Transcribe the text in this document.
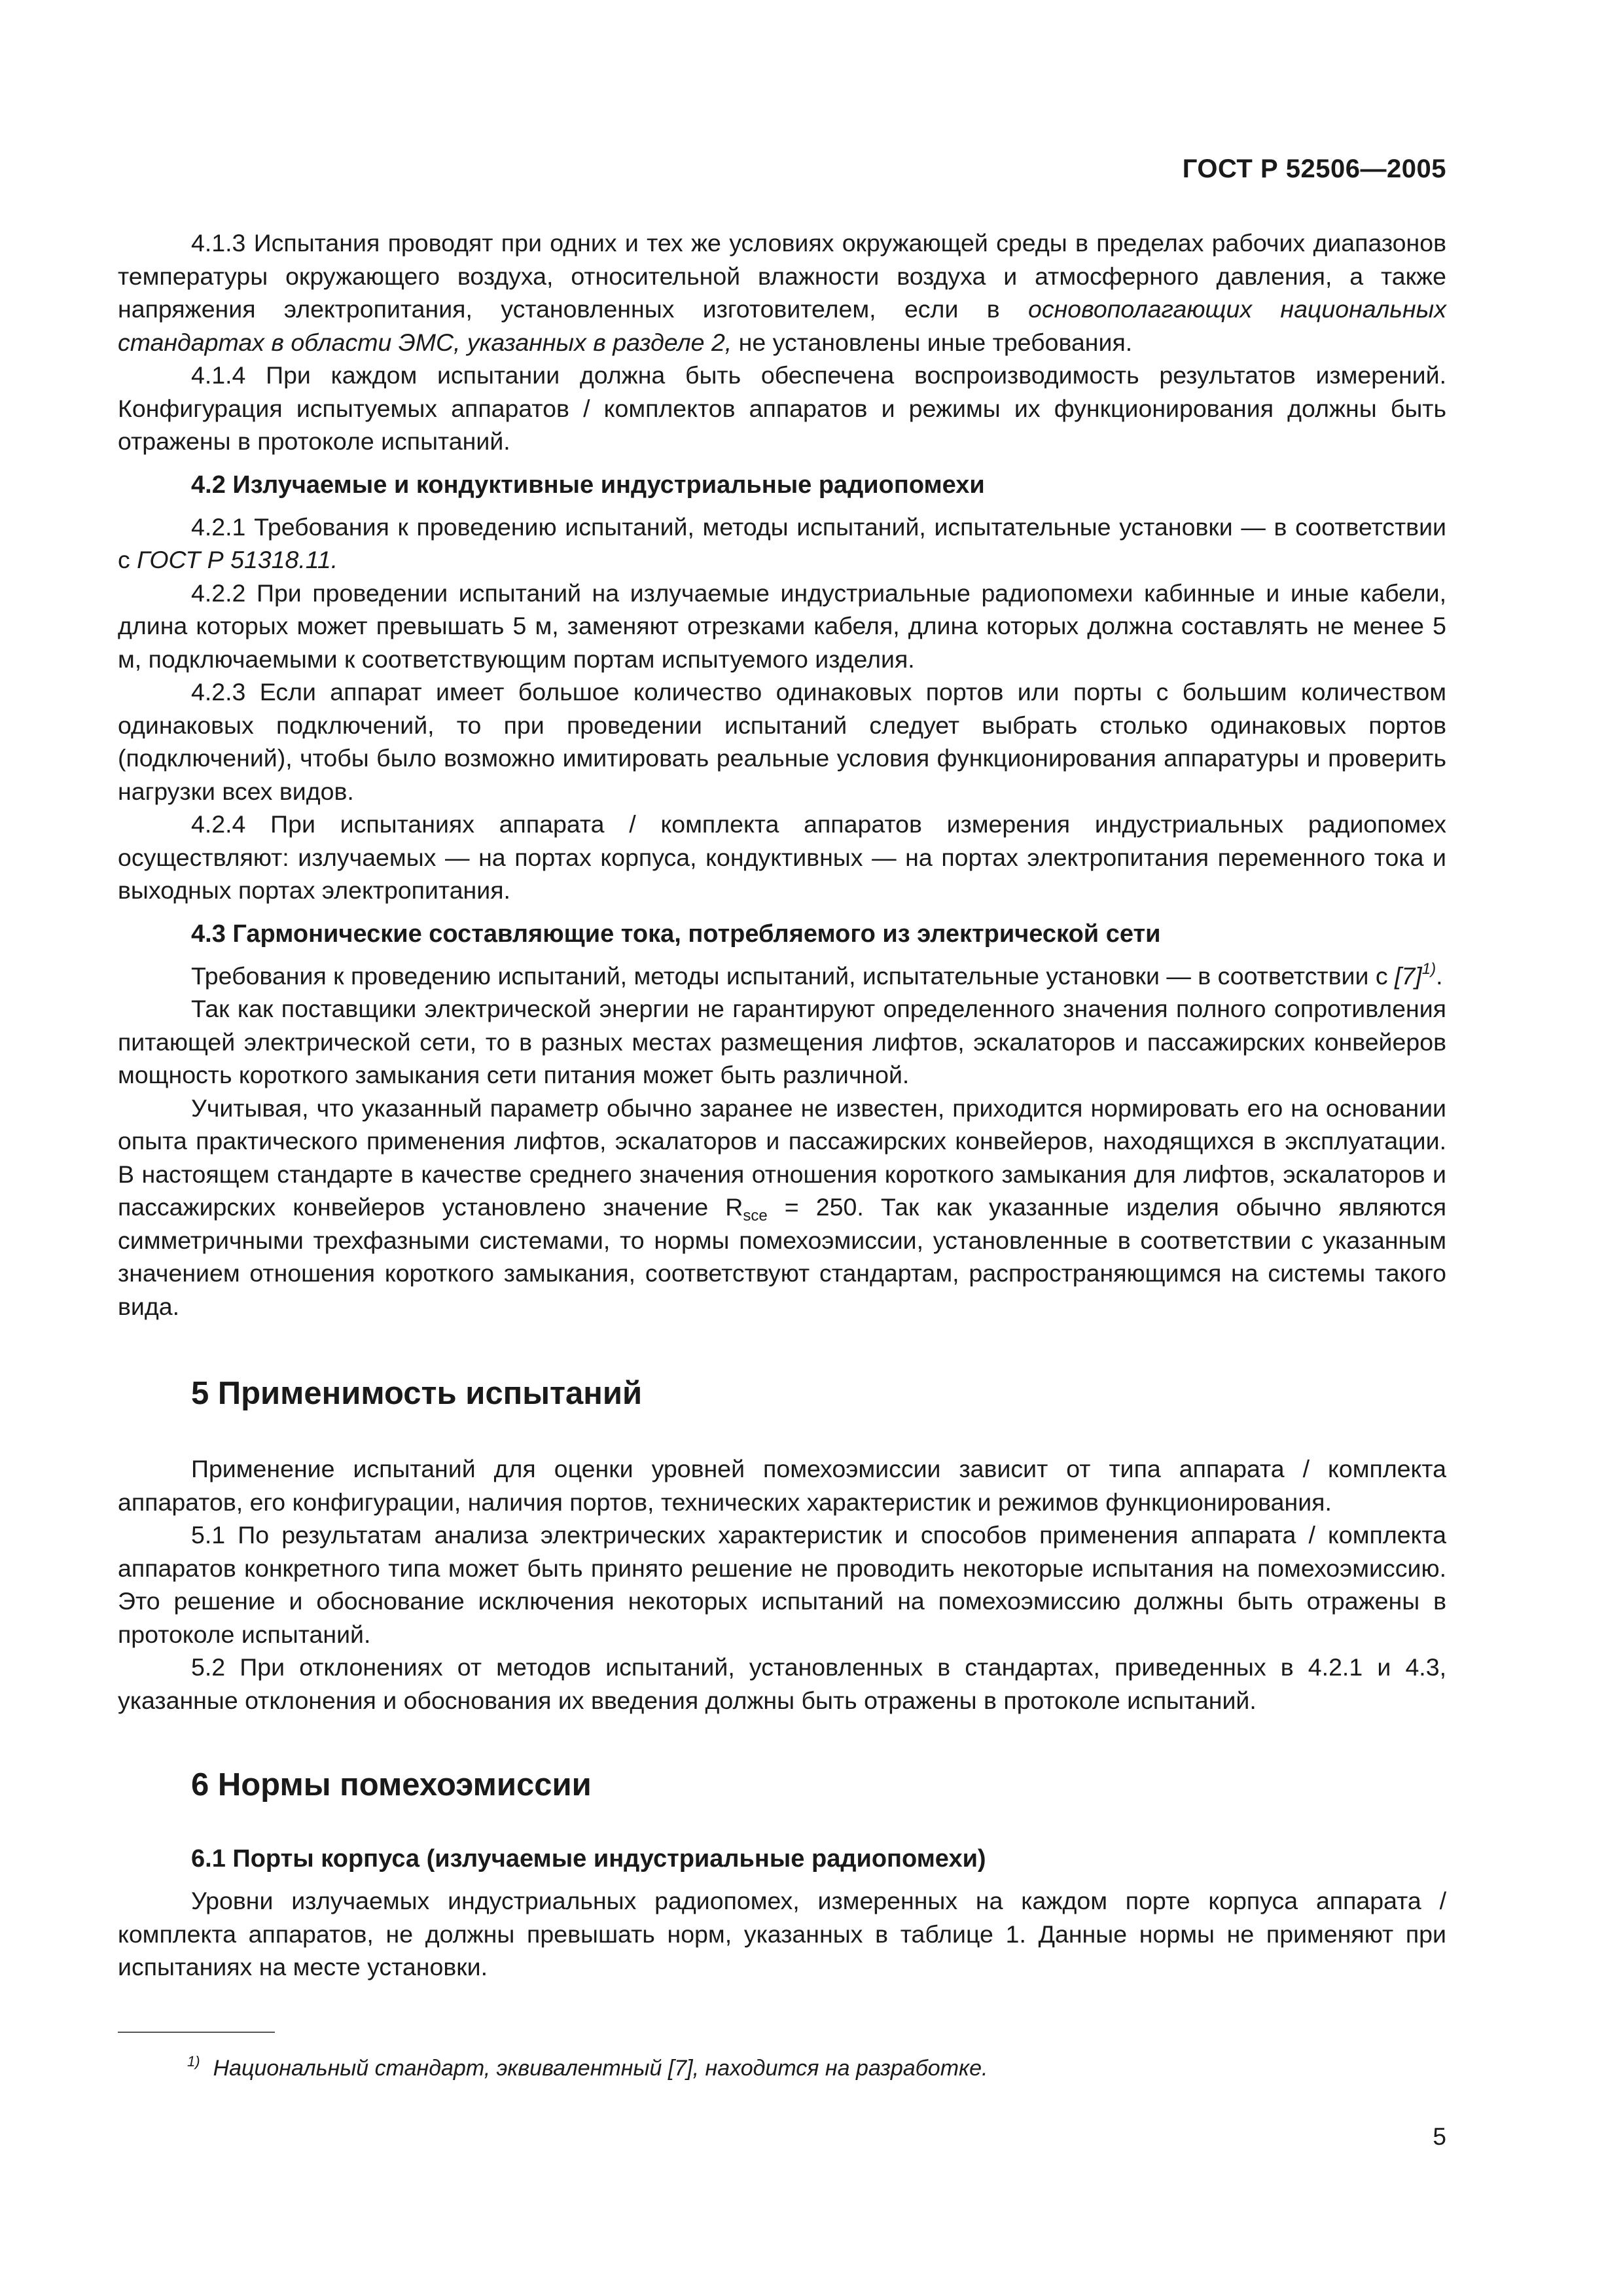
ГОСТ Р 52506—2005

4.1.3 Испытания проводят при одних и тех же условиях окружающей среды в пределах рабочих диапазонов температуры окружающего воздуха, относительной влажности воздуха и атмосферного давления, а также напряжения электропитания, установленных изготовителем, если в основополагающих национальных стандартах в области ЭМС, указанных в разделе 2, не установлены иные требования.

4.1.4 При каждом испытании должна быть обеспечена воспроизводимость результатов измерений. Конфигурация испытуемых аппаратов / комплектов аппаратов и режимы их функционирования должны быть отражены в протоколе испытаний.

4.2 Излучаемые и кондуктивные индустриальные радиопомехи

4.2.1 Требования к проведению испытаний, методы испытаний, испытательные установки — в соответствии с ГОСТ Р 51318.11.

4.2.2 При проведении испытаний на излучаемые индустриальные радиопомехи кабинные и иные кабели, длина которых может превышать 5 м, заменяют отрезками кабеля, длина которых должна составлять не менее 5 м, подключаемыми к соответствующим портам испытуемого изделия.

4.2.3 Если аппарат имеет большое количество одинаковых портов или порты с большим количеством одинаковых подключений, то при проведении испытаний следует выбрать столько одинаковых портов (подключений), чтобы было возможно имитировать реальные условия функционирования аппаратуры и проверить нагрузки всех видов.

4.2.4 При испытаниях аппарата / комплекта аппаратов измерения индустриальных радиопомех осуществляют: излучаемых — на портах корпуса, кондуктивных — на портах электропитания переменного тока и выходных портах электропитания.

4.3 Гармонические составляющие тока, потребляемого из электрической сети

Требования к проведению испытаний, методы испытаний, испытательные установки — в соответствии с $[7]^{1)}$.

Так как поставщики электрической энергии не гарантируют определенного значения полного сопротивления питающей электрической сети, то в разных местах размещения лифтов, эскалаторов и пассажирских конвейеров мощность короткого замыкания сети питания может быть различной.

Учитывая, что указанный параметр обычно заранее не известен, приходится нормировать его на основании опыта практического применения лифтов, эскалаторов и пассажирских конвейеров, находящихся в эксплуатации. В настоящем стандарте в качестве среднего значения отношения короткого замыкания для лифтов, эскалаторов и пассажирских конвейеров установлено значение $R_{sce} = 250$. Так как указанные изделия обычно являются симметричными трехфазными системами, то нормы помехоэмиссии, установленные в соответствии с указанным значением отношения короткого замыкания, соответствуют стандартам, распространяющимся на системы такого вида.

5 Применимость испытаний

Применение испытаний для оценки уровней помехоэмиссии зависит от типа аппарата / комплекта аппаратов, его конфигурации, наличия портов, технических характеристик и режимов функционирования.

5.1 По результатам анализа электрических характеристик и способов применения аппарата / комплекта аппаратов конкретного типа может быть принято решение не проводить некоторые испытания на помехоэмиссию. Это решение и обоснование исключения некоторых испытаний на помехоэмиссию должны быть отражены в протоколе испытаний.

5.2 При отклонениях от методов испытаний, установленных в стандартах, приведенных в 4.2.1 и 4.3, указанные отклонения и обоснования их введения должны быть отражены в протоколе испытаний.

6 Нормы помехоэмиссии
6.1 Порты корпуса (излучаемые индустриальные радиопомехи)

Уровни излучаемых индустриальных радиопомех, измеренных на каждом порте корпуса аппарата / комплекта аппаратов, не должны превышать норм, указанных в таблице 1. Данные нормы не применяют при испытаниях на месте установки.

$^{1)}$ Национальный стандарт, эквивалентный [7], находится на разработке.
5
